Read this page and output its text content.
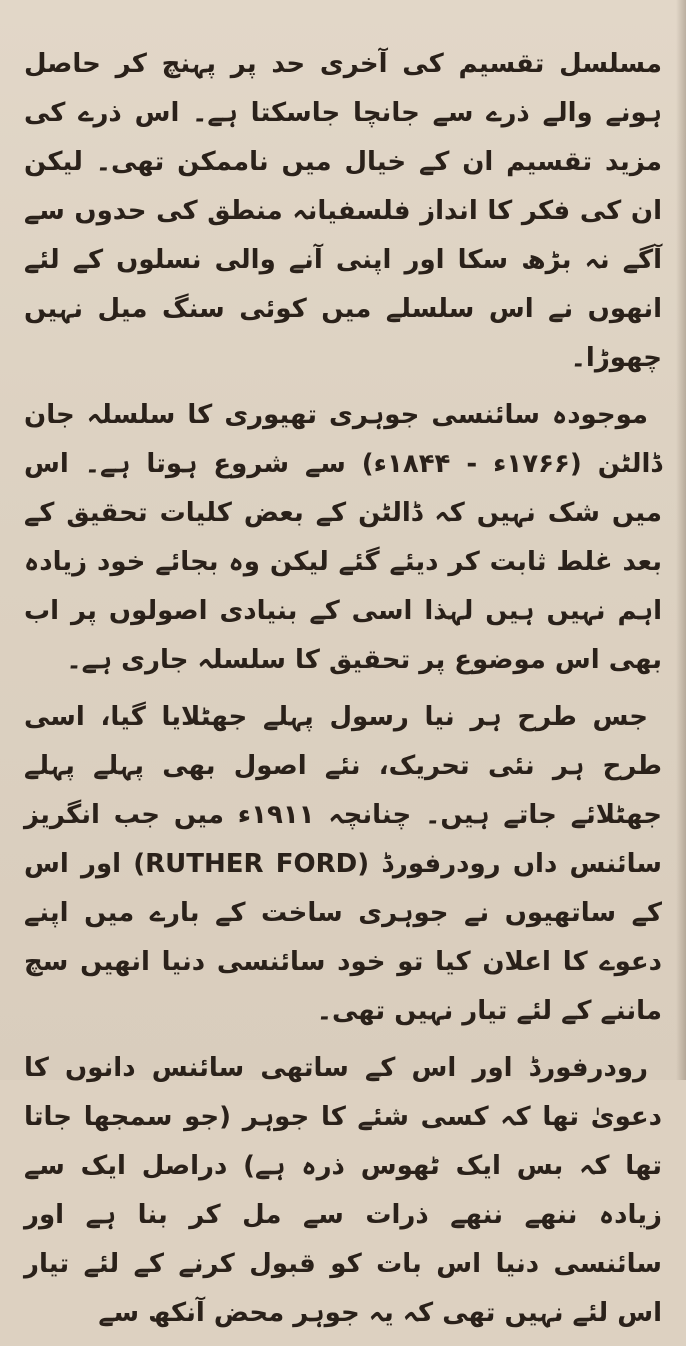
مسلسل تقسیم کی آخری حد پر پہنچ کر حاصل ہونے والے ذرے سے جانچا جاسکتا ہے۔ اس ذرے کی مزید تقسیم ان کے خیال میں ناممکن تھی۔ لیکن ان کی فکر کا انداز فلسفیانہ منطق کی حدوں سے آگے نہ بڑھ سکا اور اپنی آنے والی نسلوں کے لئے انھوں نے اس سلسلے میں کوئی سنگ میل نہیں چھوڑا۔

موجودہ سائنسی جوہری تھیوری کا سلسلہ جان ڈالٹن (۱۷۶۶ء - ۱۸۴۴ء) سے شروع ہوتا ہے۔ اس میں شک نہیں کہ ڈالٹن کے بعض کلیات تحقیق کے بعد غلط ثابت کر دیئے گئے لیکن وہ بجائے خود زیادہ اہم نہیں ہیں لہذا اسی کے بنیادی اصولوں پر اب بھی اس موضوع پر تحقیق کا سلسلہ جاری ہے۔

جس طرح ہر نیا رسول پہلے جھٹلایا گیا، اسی طرح ہر نئی تحریک، نئے اصول بھی پہلے پہلے جھٹلائے جاتے ہیں۔ چنانچہ ۱۹۱۱ء میں جب انگریز سائنس داں رودرفورڈ (RUTHER FORD) اور اس کے ساتھیوں نے جوہری ساخت کے بارے میں اپنے دعوے کا اعلان کیا تو خود سائنسی دنیا انھیں سچ ماننے کے لئے تیار نہیں تھی۔

رودرفورڈ اور اس کے ساتھی سائنس دانوں کا دعویٰ تھا کہ کسی شئے کا جوہر (جو سمجھا جاتا تھا کہ بس ایک ٹھوس ذرہ ہے) دراصل ایک سے زیادہ ننھے ننھے ذرات سے مل کر بنا ہے اور سائنسی دنیا اس بات کو قبول کرنے کے لئے تیار اس لئے نہیں تھی کہ یہ جوہر محض آنکھ سے
